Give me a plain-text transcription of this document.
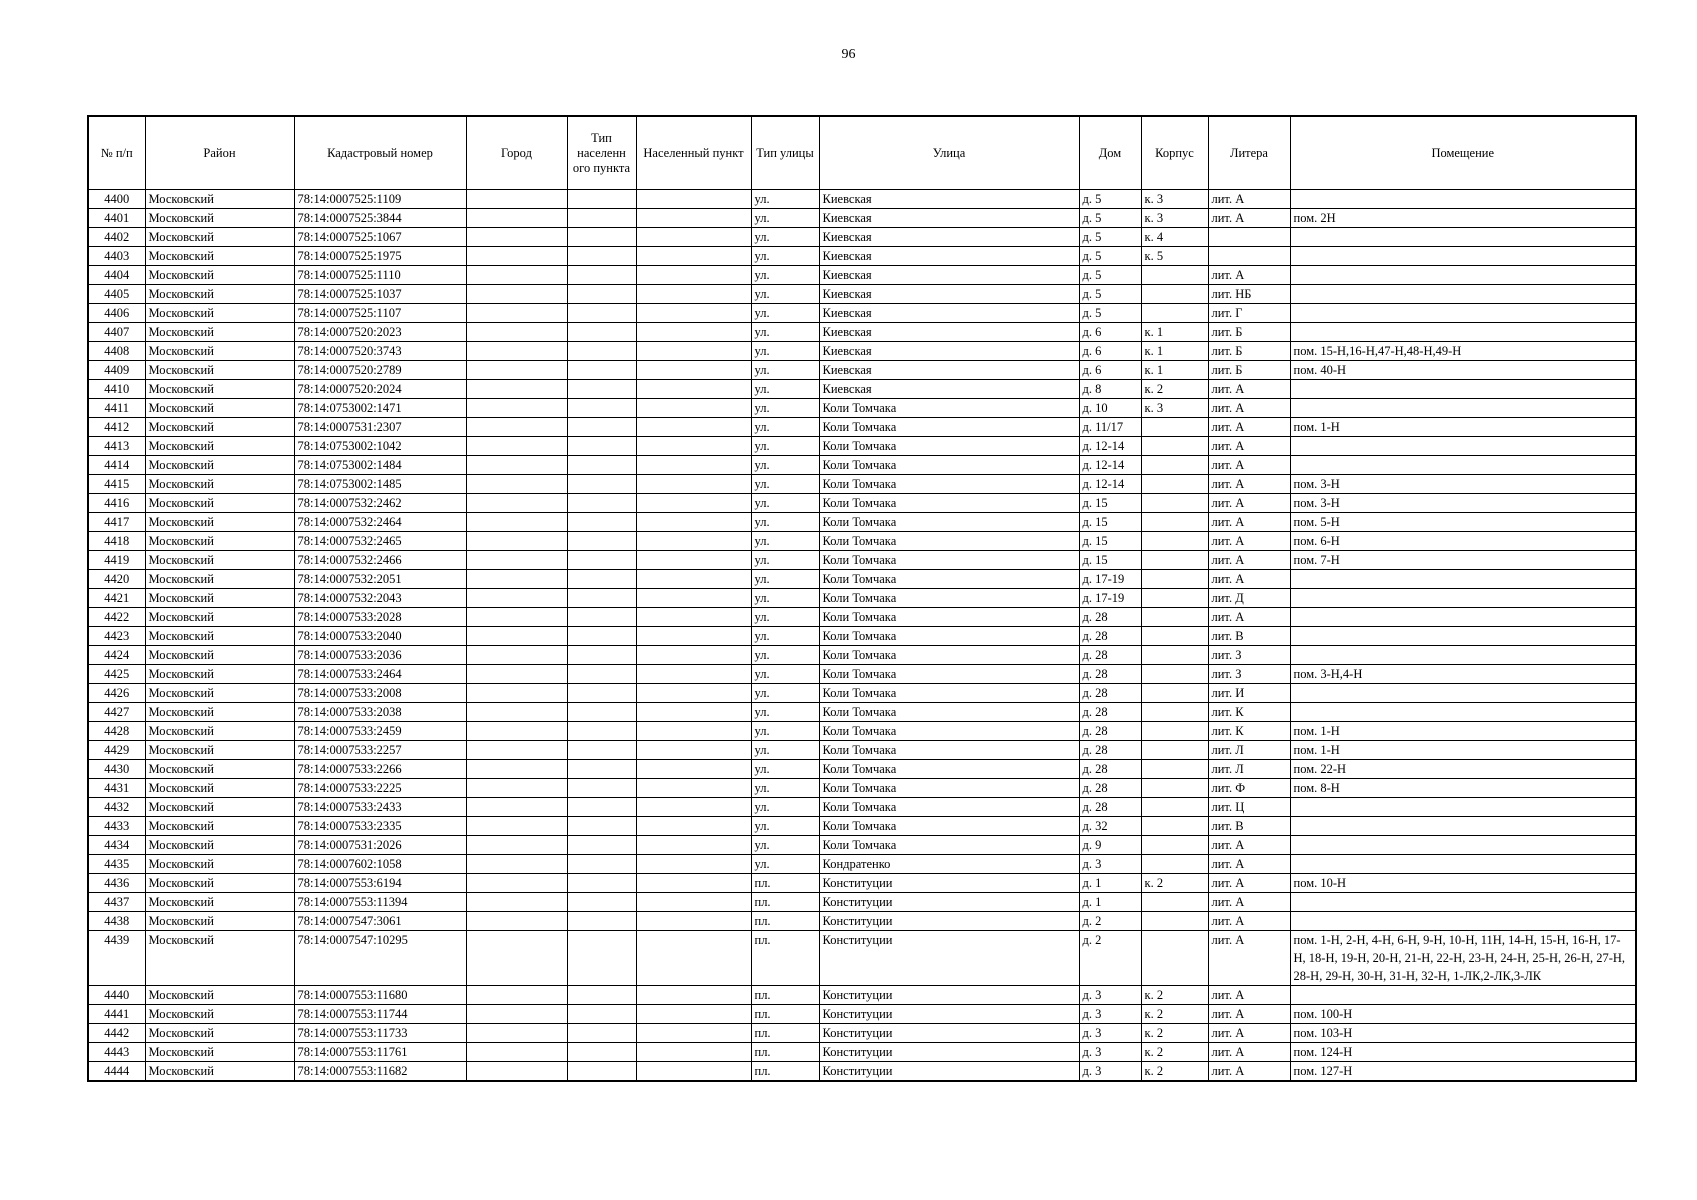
96
№ п/п	Район	Кадастровый номер	Город	Тип населенн ого пункта	Населенный пункт	Тип улицы	Улица	Дом	Корпус	Литера	Помещение
4400	Московский	78:14:0007525:1109				ул.	Киевская	д. 5	к. 3	лит. А	
4401	Московский	78:14:0007525:3844				ул.	Киевская	д. 5	к. 3	лит. А	пом. 2Н
4402	Московский	78:14:0007525:1067				ул.	Киевская	д. 5	к. 4		
4403	Московский	78:14:0007525:1975				ул.	Киевская	д. 5	к. 5		
4404	Московский	78:14:0007525:1110				ул.	Киевская	д. 5		лит. А	
4405	Московский	78:14:0007525:1037				ул.	Киевская	д. 5		лит. НБ	
4406	Московский	78:14:0007525:1107				ул.	Киевская	д. 5		лит. Г	
4407	Московский	78:14:0007520:2023				ул.	Киевская	д. 6	к. 1	лит. Б	
4408	Московский	78:14:0007520:3743				ул.	Киевская	д. 6	к. 1	лит. Б	пом. 15-Н,16-Н,47-Н,48-Н,49-Н
4409	Московский	78:14:0007520:2789				ул.	Киевская	д. 6	к. 1	лит. Б	пом. 40-Н
4410	Московский	78:14:0007520:2024				ул.	Киевская	д. 8	к. 2	лит. А	
4411	Московский	78:14:0753002:1471				ул.	Коли Томчака	д. 10	к. 3	лит. А	
4412	Московский	78:14:0007531:2307				ул.	Коли Томчака	д. 11/17		лит. А	пом. 1-Н
4413	Московский	78:14:0753002:1042				ул.	Коли Томчака	д. 12-14		лит. А	
4414	Московский	78:14:0753002:1484				ул.	Коли Томчака	д. 12-14		лит. А	
4415	Московский	78:14:0753002:1485				ул.	Коли Томчака	д. 12-14		лит. А	пом. 3-Н
4416	Московский	78:14:0007532:2462				ул.	Коли Томчака	д. 15		лит. А	пом. 3-Н
4417	Московский	78:14:0007532:2464				ул.	Коли Томчака	д. 15		лит. А	пом. 5-Н
4418	Московский	78:14:0007532:2465				ул.	Коли Томчака	д. 15		лит. А	пом. 6-Н
4419	Московский	78:14:0007532:2466				ул.	Коли Томчака	д. 15		лит. А	пом. 7-Н
4420	Московский	78:14:0007532:2051				ул.	Коли Томчака	д. 17-19		лит. А	
4421	Московский	78:14:0007532:2043				ул.	Коли Томчака	д. 17-19		лит. Д	
4422	Московский	78:14:0007533:2028				ул.	Коли Томчака	д. 28		лит. А	
4423	Московский	78:14:0007533:2040				ул.	Коли Томчака	д. 28		лит. В	
4424	Московский	78:14:0007533:2036				ул.	Коли Томчака	д. 28		лит. З	
4425	Московский	78:14:0007533:2464				ул.	Коли Томчака	д. 28		лит. З	пом. 3-Н,4-Н
4426	Московский	78:14:0007533:2008				ул.	Коли Томчака	д. 28		лит. И	
4427	Московский	78:14:0007533:2038				ул.	Коли Томчака	д. 28		лит. К	
4428	Московский	78:14:0007533:2459				ул.	Коли Томчака	д. 28		лит. К	пом. 1-Н
4429	Московский	78:14:0007533:2257				ул.	Коли Томчака	д. 28		лит. Л	пом. 1-Н
4430	Московский	78:14:0007533:2266				ул.	Коли Томчака	д. 28		лит. Л	пом. 22-Н
4431	Московский	78:14:0007533:2225				ул.	Коли Томчака	д. 28		лит. Ф	пом. 8-Н
4432	Московский	78:14:0007533:2433				ул.	Коли Томчака	д. 28		лит. Ц	
4433	Московский	78:14:0007533:2335				ул.	Коли Томчака	д. 32		лит. В	
4434	Московский	78:14:0007531:2026				ул.	Коли Томчака	д. 9		лит. А	
4435	Московский	78:14:0007602:1058				ул.	Кондратенко	д. 3		лит. А	
4436	Московский	78:14:0007553:6194				пл.	Конституции	д. 1	к. 2	лит. А	пом. 10-Н
4437	Московский	78:14:0007553:11394				пл.	Конституции	д. 1		лит. А	
4438	Московский	78:14:0007547:3061				пл.	Конституции	д. 2		лит. А	
4439	Московский	78:14:0007547:10295				пл.	Конституции	д. 2		лит. А	пом. 1-Н, 2-Н, 4-Н, 6-Н, 9-Н, 10-Н, 11Н, 14-Н, 15-Н, 16-Н, 17-Н, 18-Н, 19-Н, 20-Н, 21-Н, 22-Н, 23-Н, 24-Н, 25-Н, 26-Н, 27-Н, 28-Н, 29-Н, 30-Н, 31-Н, 32-Н, 1-ЛК,2-ЛК,3-ЛК
4440	Московский	78:14:0007553:11680				пл.	Конституции	д. 3	к. 2	лит. А	
4441	Московский	78:14:0007553:11744				пл.	Конституции	д. 3	к. 2	лит. А	пом. 100-Н
4442	Московский	78:14:0007553:11733				пл.	Конституции	д. 3	к. 2	лит. А	пом. 103-Н
4443	Московский	78:14:0007553:11761				пл.	Конституции	д. 3	к. 2	лит. А	пом. 124-Н
4444	Московский	78:14:0007553:11682				пл.	Конституции	д. 3	к. 2	лит. А	пом. 127-Н
